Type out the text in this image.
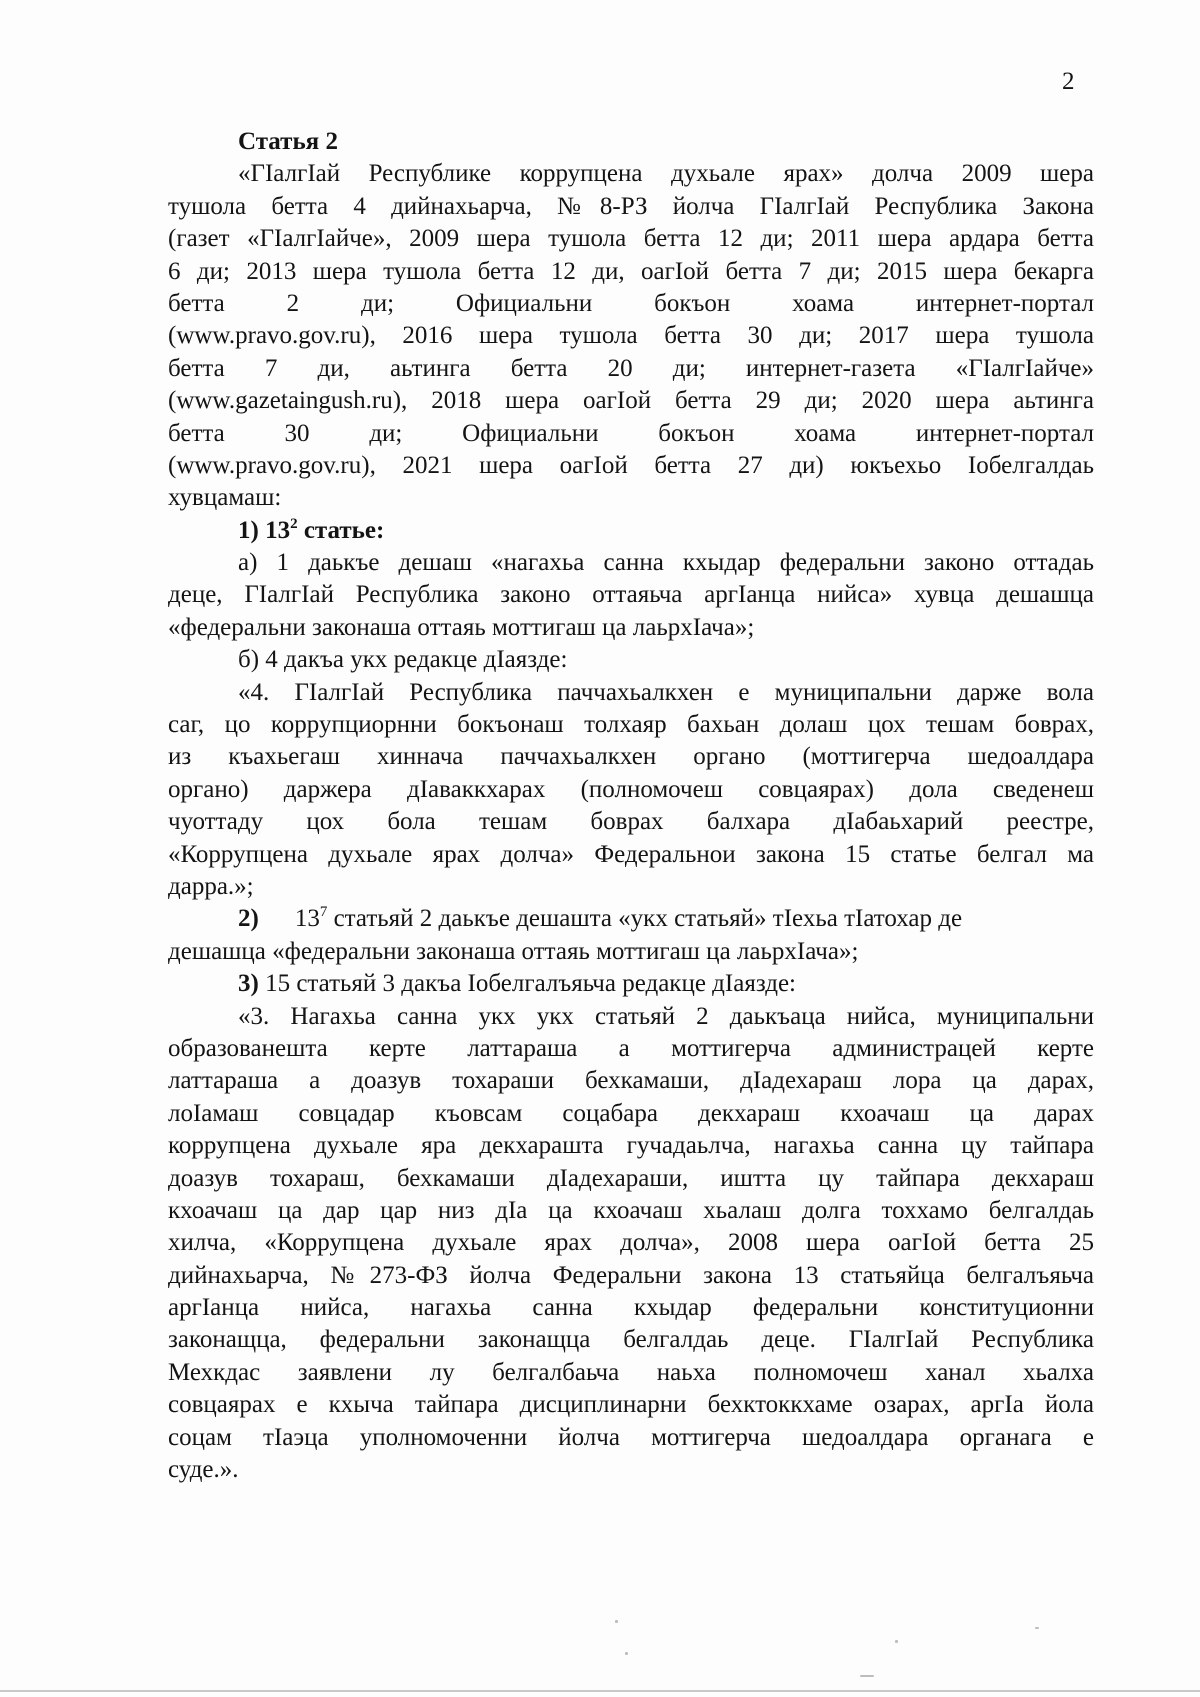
2
Статья 2
«ГӀалгӀай Республике коррупцена духьале ярах» долча 2009 шера
тушола бетта 4 дийнахьарча, №8-РЗ йолча ГӀалгӀай Республика Закона
(газет «ГӀалгӀайче», 2009 шера тушола бетта 12 ди; 2011 шера ардара бетта
6 ди; 2013 шера тушола бетта 12 ди, оагӀой бетта 7 ди; 2015 шера бекарга
бетта 2 ди; Официальни бокъон хоама интернет-портал
(www.pravo.gov.ru), 2016 шера тушола бетта 30 ди; 2017 шера тушола
бетта 7 ди, аьтинга бетта 20 ди; интернет-газета «ГӀалгӀайче»
(www.gazetaingush.ru), 2018 шера оагӀой бетта 29 ди; 2020 шера аьтинга
бетта 30 ди; Официальни бокъон хоама интернет-портал
(www.pravo.gov.ru), 2021 шера оагӀой бетта 27 ди) юкъехьо Іобелгалдаь
хувцамаш:
1) $13^2$ статье:
а) 1 даькъе дешаш «нагахьа санна кхыдар федеральни законо оттадаь
деце, ГӀалгӀай Республика законо оттаяьча аргӀанца нийса» хувца дешашца
«федеральни законаша оттаяь моттигаш ца лаьрхӀача»;
б) 4 дакъа укх редакце дӀаязде:
«4. ГӀалгӀай Республика паччахьалкхен е муниципальни дарже вола
саг, цо коррупциорнни бокъонаш толхаяр бахьан долаш цох тешам боврах,
из къахьегаш хиннача паччахьалкхен органо (моттигерча шедоалдара
органо) даржера дӀаваккхарах (полномочеш совцаярах) дола сведенеш
чуоттаду цох бола тешам боврах балхара дӀабаьхарий реестре,
«Коррупцена духьале ярах долча» Федеральнои закона 15 статье белгал ма
дарра.»;
2) $13^7$ статьяй 2 даькъе дешашта «укх статьяй» тӀехьа тӀатохар де
дешашца «федеральни законаша оттаяь моттигаш ца лаьрхӀача»;
3) 15 статьяй 3 дакъа Іобелгалъяьча редакце дӀаязде:
«3. Нагахьа санна укх укх статьяй 2 даькъаца нийса, муниципальни
образованешта керте латтараша а моттигерча администрацей керте
латтараша а доазув тохараши бехкамаши, дӀадехараш лора ца дарах,
лоІамаш совцадар къовсам соцабара декхараш кхоачаш ца дарах
коррупцена духьале яра декхараштa гучадаьлча, нагахьа санна цу тайпара
доазув тохараш, бехкамаши дӀадехараши, иштта цу тайпара декхараш
кхоачаш ца дар цар низ дӀа ца кхоачаш хьалаш долга тоххамо белгалдаь
хилча, «Коррупцена духьале ярах долча», 2008 шера оагӀой бетта 25
дийнахьарча, №273-ФЗ йолча Федеральни закона 13 статьяйца белгалъяьча
аргӀанца нийса, нагахьа санна кхыдар федеральни конституционни
законащца, федеральни законащца белгалдаь деце. ГӀалгӀай Республика
Мехкдас заявлени лу белгалбаьча наьха полномочеш ханал хьалха
совцаярах е кхыча тайпара дисциплинарни бехктоккхаме озарах, аргӀа йола
соцам тӀаэца уполномоченни йолча моттигерча шедоалдара органага е
суде.».
